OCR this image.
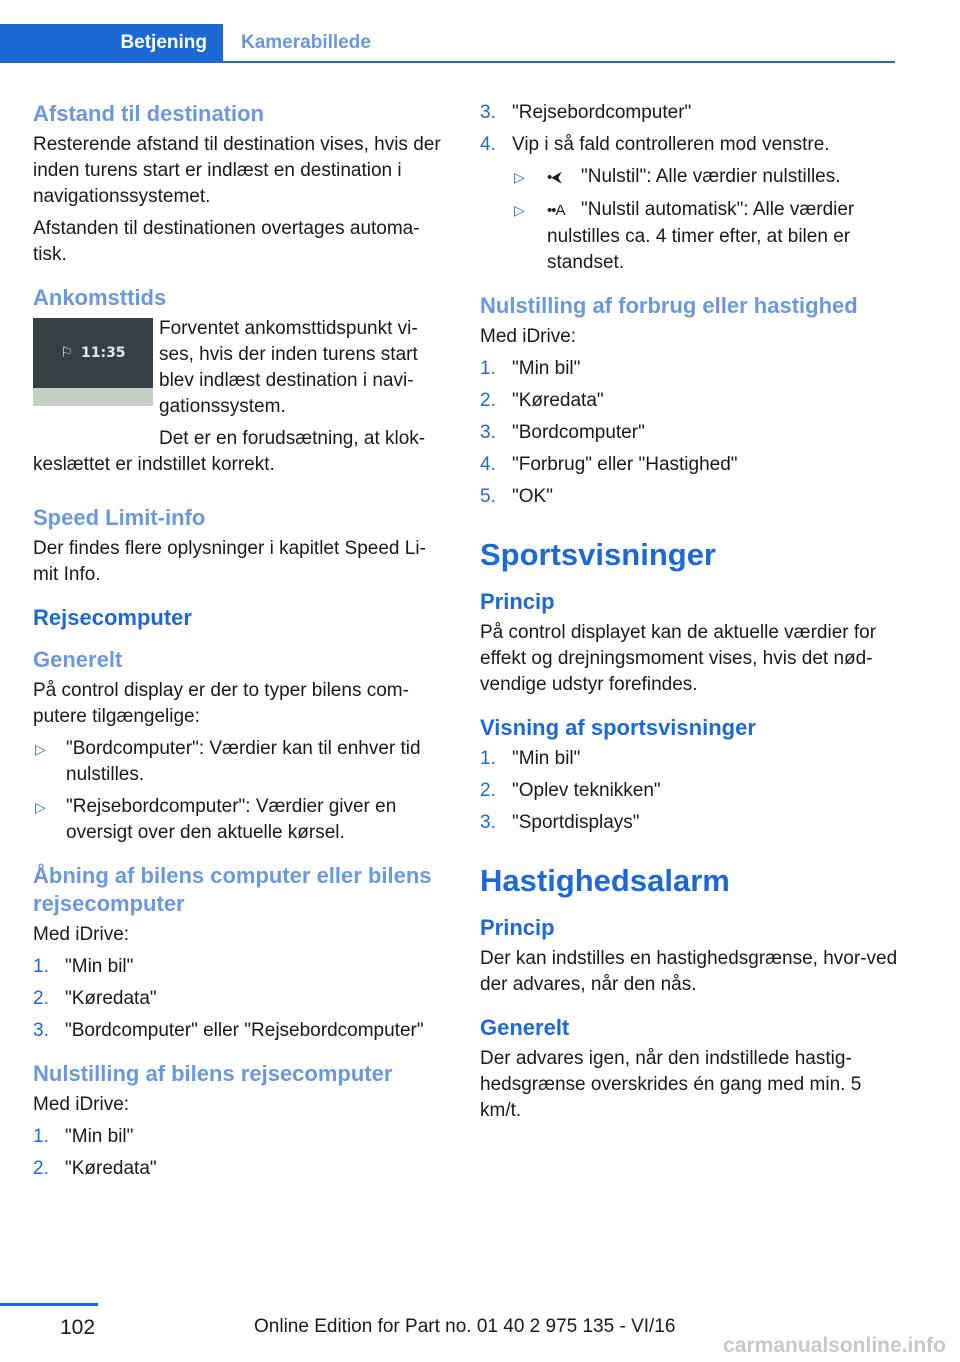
Betjening	Kamerabillede
Afstand til destination

Resterende afstand til destination vises, hvis der inden turens start er indlæst en destination i navigationssystemet.

Afstanden til destinationen overtages automa-tisk.

Ankomsttids
⚐ 11:35

Forventet ankomsttidspunkt vi-ses, hvis der inden turens start blev indlæst destination i navi-gationssystem.

Det er en forudsætning, at klok-

keslættet er indstillet korrekt.

Speed Limit-info

Der findes flere oplysninger i kapitlet Speed Li-mit Info.

Rejsecomputer
Generelt

På control display er der to typer bilens com-putere tilgængelige:

▷ "Bordcomputer": Værdier kan til enhver tid nulstilles.
▷ "Rejsebordcomputer": Værdier giver en oversigt over den aktuelle kørsel.
Åbning af bilens computer eller bilens rejsecomputer

Med iDrive:

1. "Min bil"
2. "Køredata"
3. "Bordcomputer" eller "Rejsebordcomputer"
Nulstilling af bilens rejsecomputer

Med iDrive:

1. "Min bil"
2. "Køredata"
3. "Rejsebordcomputer"
4. Vip i så fald controlleren mod venstre.
▷ •⮜ "Nulstil": Alle værdier nulstilles.
▷ ••A "Nulstil automatisk": Alle værdier nulstilles ca. 4 timer efter, at bilen er standset.
Nulstilling af forbrug eller hastighed

Med iDrive:

1. "Min bil"
2. "Køredata"
3. "Bordcomputer"
4. "Forbrug" eller "Hastighed"
5. "OK"
Sportsvisninger
Princip

På control displayet kan de aktuelle værdier for effekt og drejningsmoment vises, hvis det nød-vendige udstyr forefindes.

Visning af sportsvisninger
1. "Min bil"
2. "Oplev teknikken"
3. "Sportdisplays"
Hastighedsalarm
Princip

Der kan indstilles en hastighedsgrænse, hvor-ved der advares, når den nås.

Generelt

Der advares igen, når den indstillede hastig-hedsgrænse overskrides én gang med min. 5 km/t.

102	Online Edition for Part no. 01 40 2 975 135 - VI/16
carmanualsonline.info
